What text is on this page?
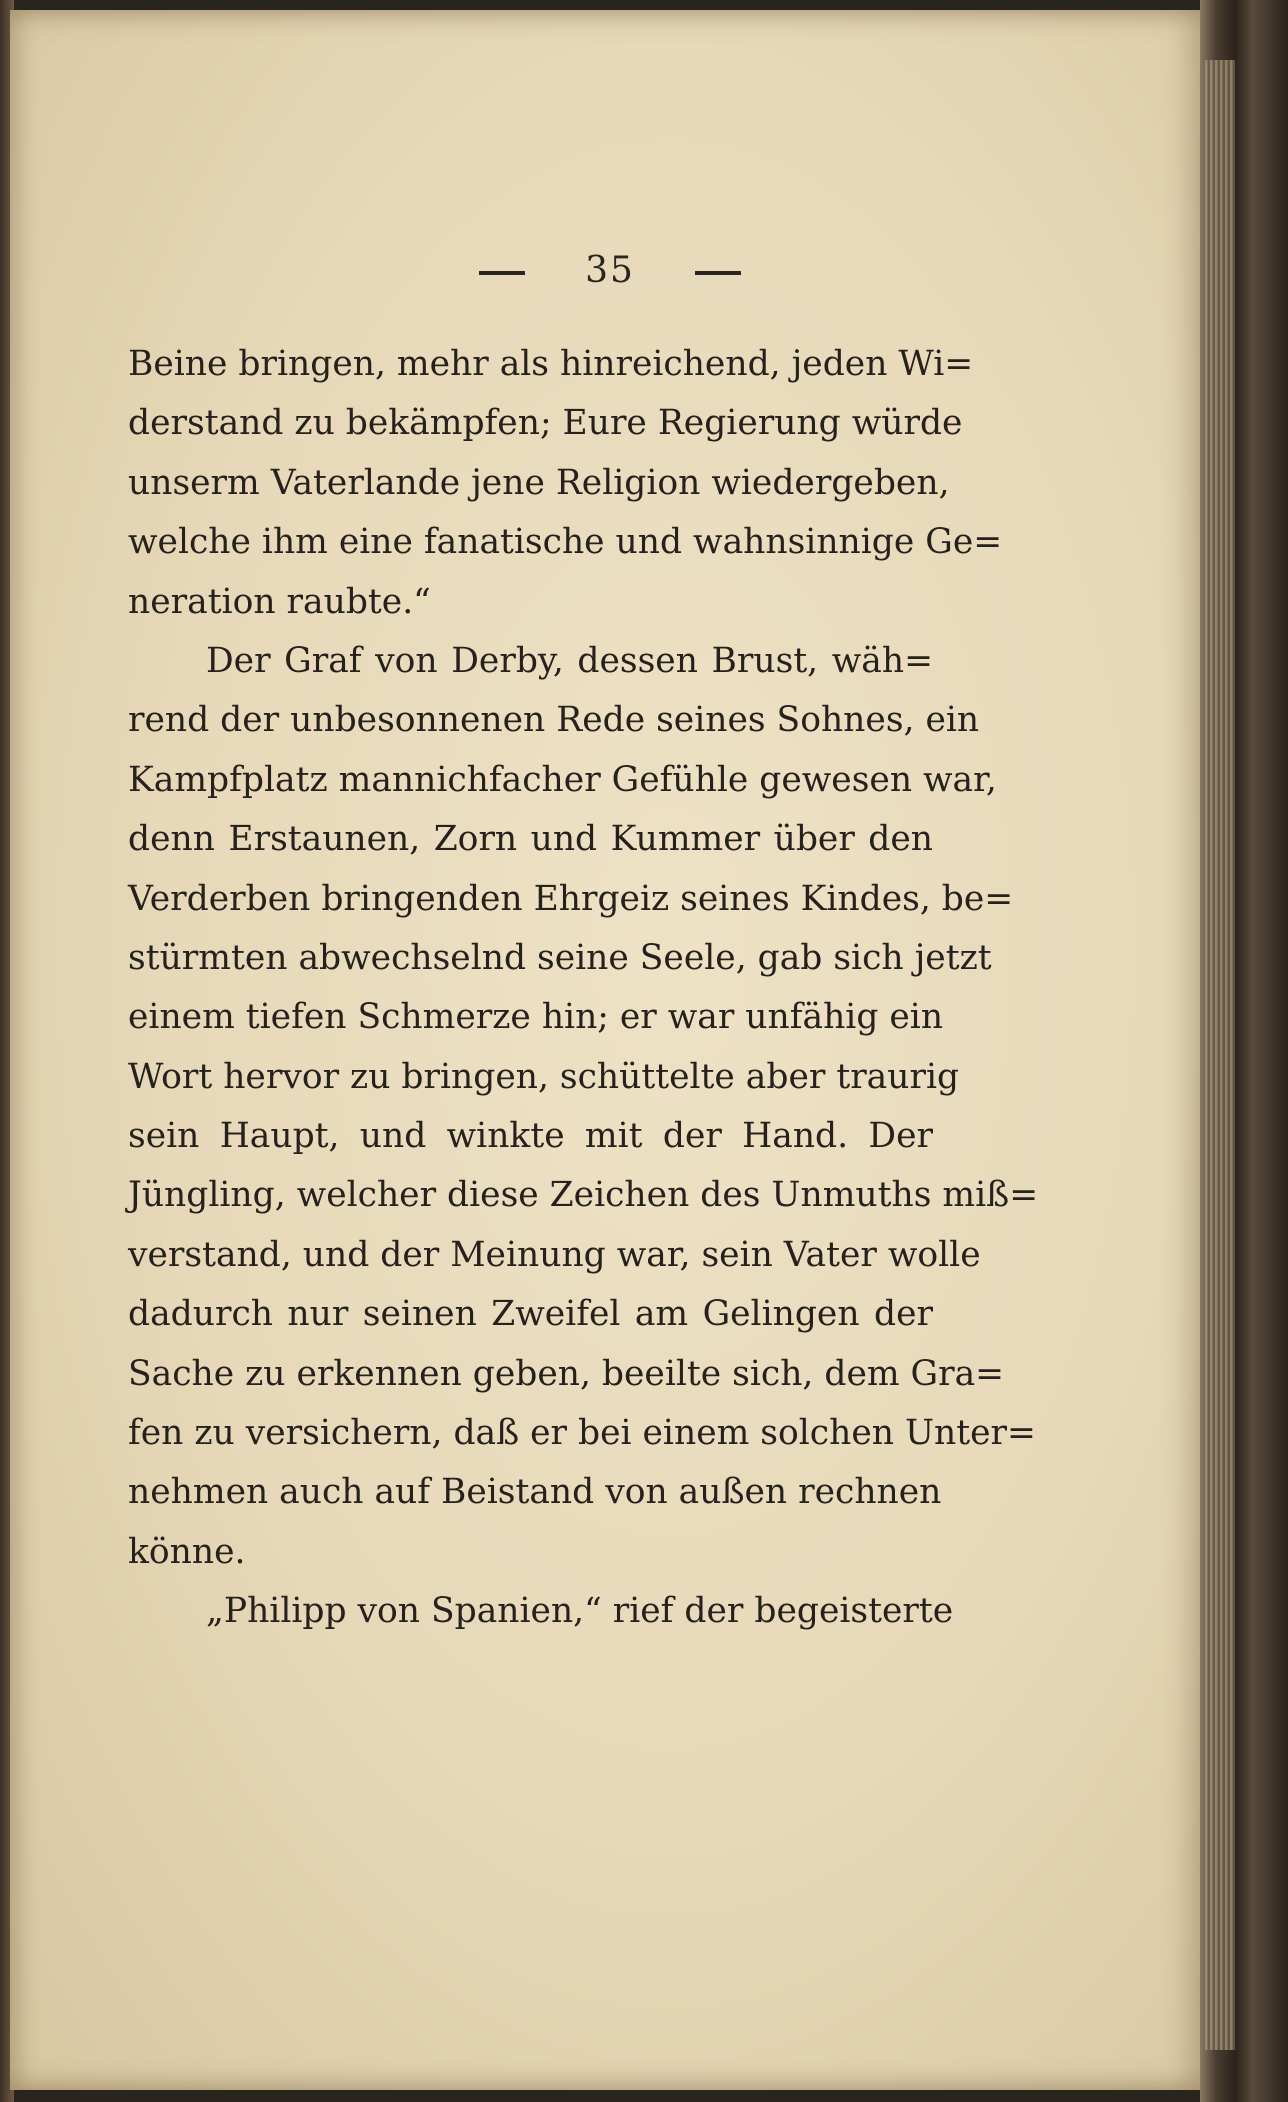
35
Beine bringen, mehr als hinreichend, jeden Wi=
derstand zu bekämpfen; Eure Regierung würde
unserm Vaterlande jene Religion wiedergeben,
welche ihm eine fanatische und wahnsinnige Ge=
neration raubte.“
Der Graf von Derby, dessen Brust, wäh=
rend der unbesonnenen Rede seines Sohnes, ein
Kampfplatz mannichfacher Gefühle gewesen war,
denn Erstaunen, Zorn und Kummer über den
Verderben bringenden Ehrgeiz seines Kindes, be=
stürmten abwechselnd seine Seele, gab sich jetzt
einem tiefen Schmerze hin; er war unfähig ein
Wort hervor zu bringen, schüttelte aber traurig
sein Haupt, und winkte mit der Hand. Der
Jüngling, welcher diese Zeichen des Unmuths miß=
verstand, und der Meinung war, sein Vater wolle
dadurch nur seinen Zweifel am Gelingen der
Sache zu erkennen geben, beeilte sich, dem Gra=
fen zu versichern, daß er bei einem solchen Unter=
nehmen auch auf Beistand von außen rechnen
könne.
„Philipp von Spanien,“ rief der begeisterte
